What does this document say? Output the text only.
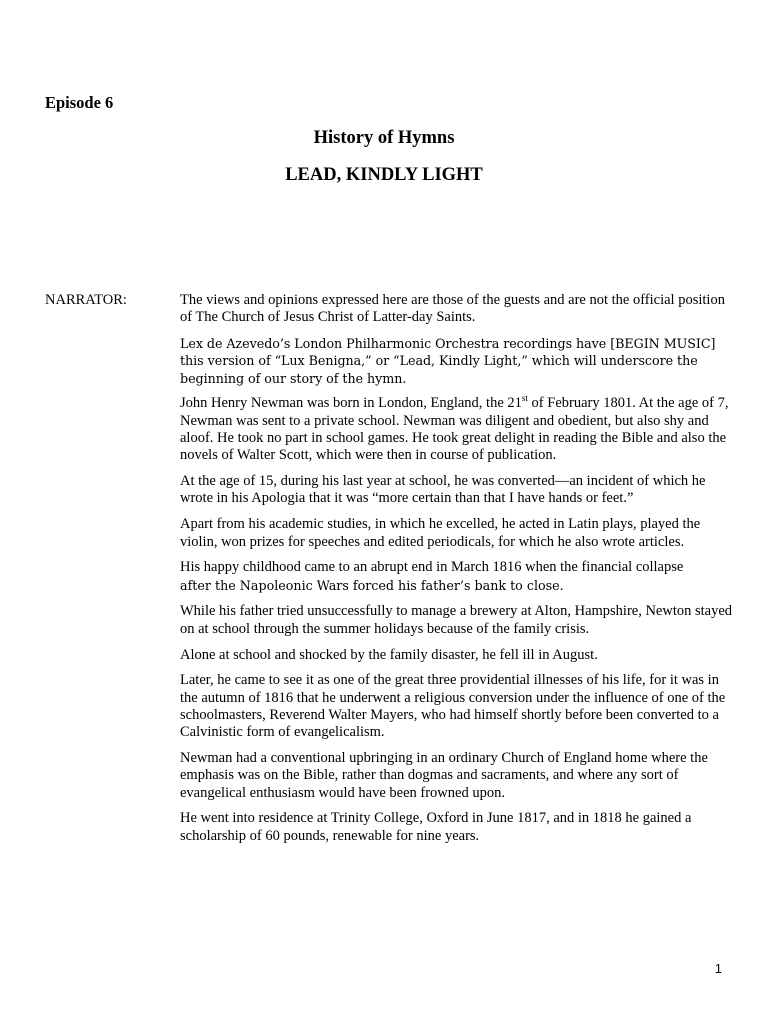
Episode 6
History of Hymns
LEAD, KINDLY LIGHT

NARRATOR:	The views and opinions expressed here are those of the guests and are not the official position of The Church of Jesus Christ of Latter-day Saints.

Lex de Azevedo’s London Philharmonic Orchestra recordings have [BEGIN MUSIC] this version of “Lux Benigna,” or “Lead, Kindly Light,” which will underscore the beginning of our story of the hymn.

John Henry Newman was born in London, England, the 21st of February 1801. At the age of 7, Newman was sent to a private school. Newman was diligent and obedient, but also shy and aloof. He took no part in school games. He took great delight in reading the Bible and also the novels of Walter Scott, which were then in course of publication.

At the age of 15, during his last year at school, he was converted—an incident of which he wrote in his Apologia that it was “more certain than that I have hands or feet.”

Apart from his academic studies, in which he excelled, he acted in Latin plays, played the violin, won prizes for speeches and edited periodicals, for which he also wrote articles.

His happy childhood came to an abrupt end in March 1816 when the financial collapse
after the Napoleonic Wars forced his father’s bank to close.

While his father tried unsuccessfully to manage a brewery at Alton, Hampshire, Newton stayed on at school through the summer holidays because of the family crisis.

Alone at school and shocked by the family disaster, he fell ill in August.

Later, he came to see it as one of the great three providential illnesses of his life, for it was in the autumn of 1816 that he underwent a religious conversion under the influence of one of the schoolmasters, Reverend Walter Mayers, who had himself shortly before been converted to a Calvinistic form of evangelicalism.

Newman had a conventional upbringing in an ordinary Church of England home where the emphasis was on the Bible, rather than dogmas and sacraments, and where any sort of evangelical enthusiasm would have been frowned upon.

He went into residence at Trinity College, Oxford in June 1817, and in 1818 he gained a scholarship of 60 pounds, renewable for nine years.

1
